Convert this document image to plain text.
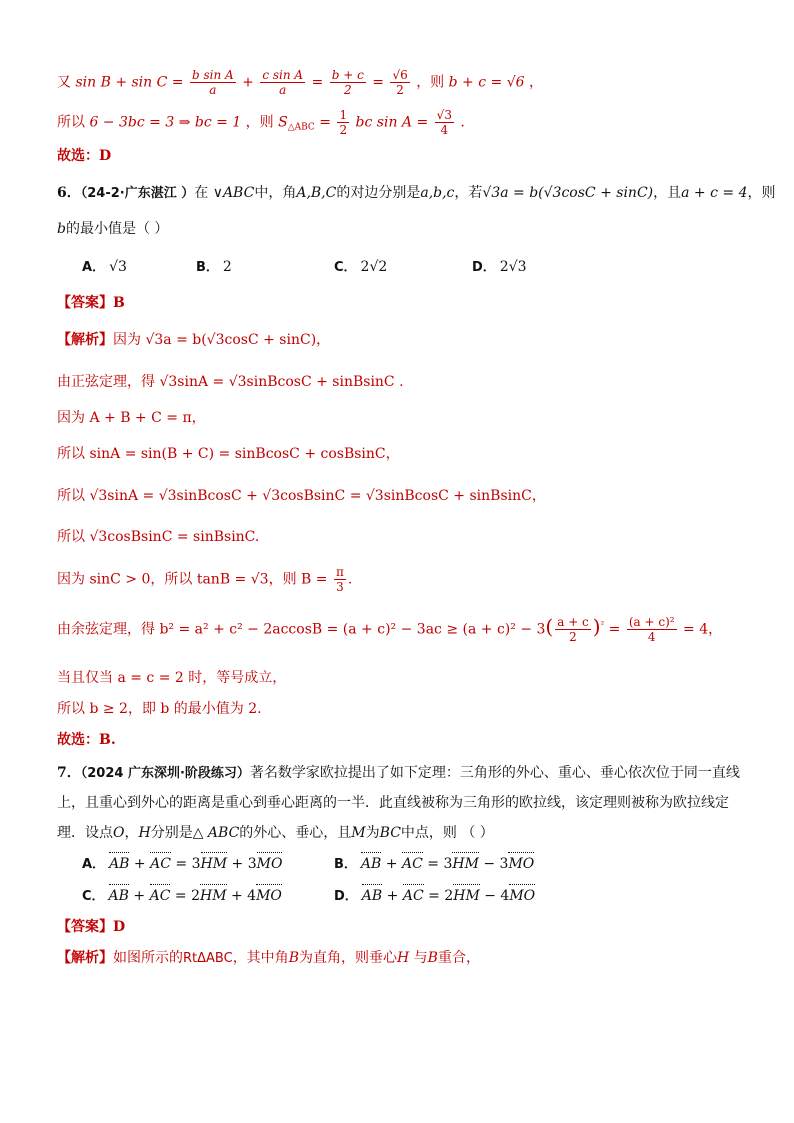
又 $\sin B + \sin C = \frac{\text{b sin A}}{a} + \frac{\text{c sin A}}{a} = \frac{b + c}{2} = \frac{√6}{2}$ ，则 b + c = √6 ，
所以 6 − 3bc = 3 ⇒ bc = 1 ，则 $S_{\triangle ABC} = \frac{1}{2}$ bc $\sin A = \frac{√3}{4}$ .
故选：D
6．（24-2·广东湛江 ）在 ∨ABC中，角A,B,C的对边分别是a,b,c，若√3a = b(√3cosC + sinC)，且a + c = 4，则
b的最小值是（ ）
A． √3	B． 2	C． 2√2	D． 2√3
【答案】B
【解析】因为 √3a = b(√3cosC + sinC)，
由正弦定理，得 √3sinA = √3sinBcosC + sinBsinC .
因为 A + B + C = π，
所以 sinA = sin(B + C) = sinBcosC + cosBsinC，
所以 √3sinA = √3sinBcosC + √3cosBsinC = √3sinBcosC + sinBsinC，
所以 √3cosBsinC = sinBsinC.
因为 sinC > 0，所以 tanB = √3，则 $B = \frac{\pi}{3}$ .
由余弦定理，得 $b^2 = a^2 + c^2 - 2accosB = (a + c)^2 - 3ac \ge (a + c)^2 - 3( \frac{a + c}{2} )^{^2} = \frac{\text{(a + c)²}}{4} = 4$，
当且仅当 a = c = 2 时，等号成立，
所以 b ≥ 2，即 b 的最小值为 2.
故选：B.
7．（2024 广东深圳·阶段练习）著名数学家欧拉提出了如下定理：三角形的外心、重心、垂心依次位于同一直线
上，且重心到外心的距离是重心到垂心距离的一半．此直线被称为三角形的欧拉线，该定理则被称为欧拉线定
理．设点O，H分别是△ ABC的外心、垂心，且M为BC中点，则 （ ）
A． AB + AC = 3HM + 3MO	B． AB + AC = 3HM − 3MO
C． AB + AC = 2HM + 4MO	D． AB + AC = 2HM − 4MO
【答案】D
【解析】如图所示的RtΔABC，其中角B为直角，则垂心H 与B重合，
